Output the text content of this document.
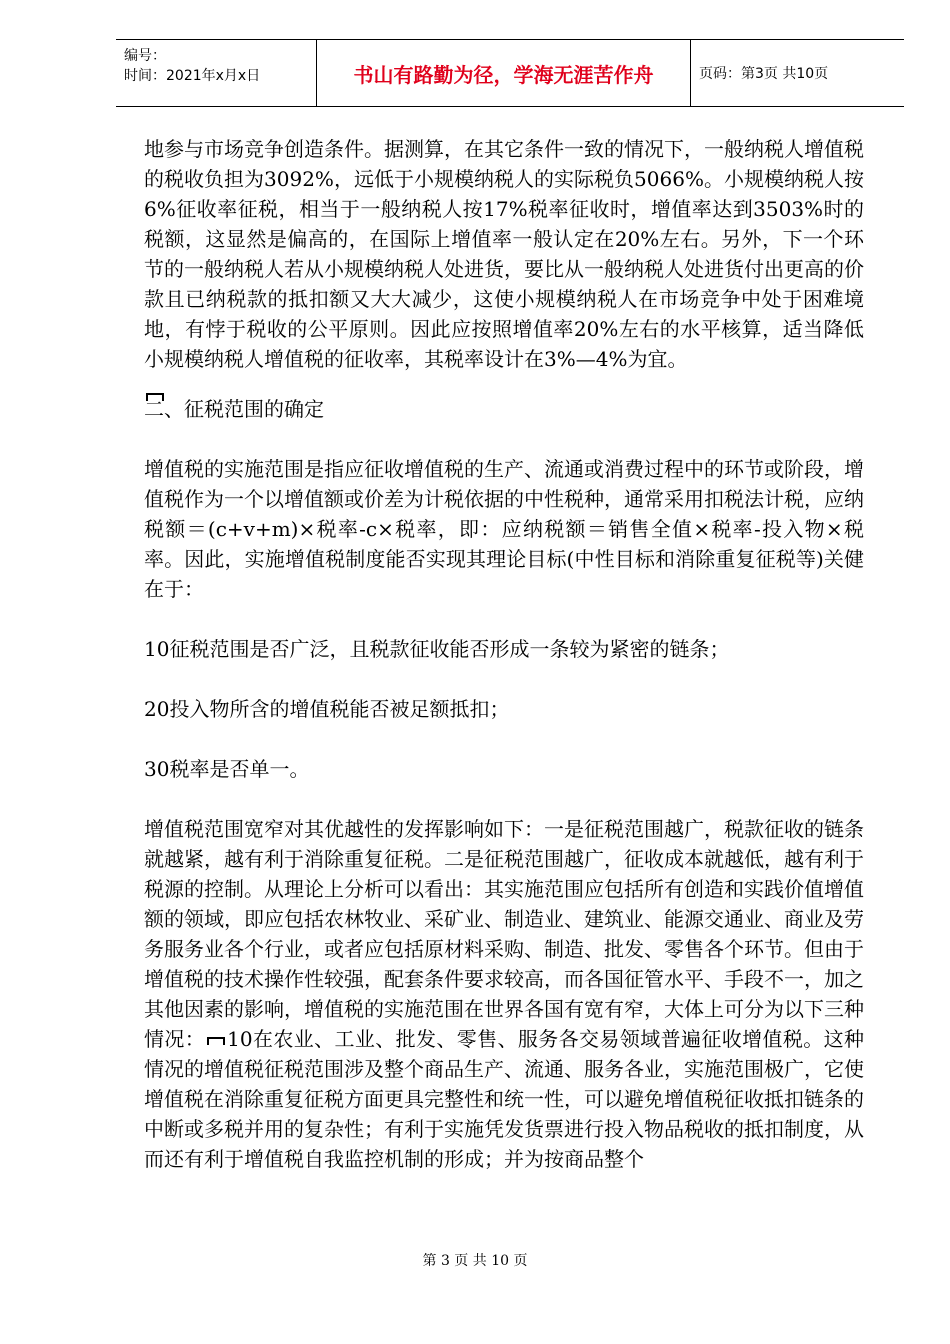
编号：
时间：2021年x月x日	书山有路勤为径，学海无涯苦作舟	页码：第3页 共10页

地参与市场竞争创造条件。据测算，在其它条件一致的情况下，一般纳税人增值税的税收负担为3092%，远低于小规模纳税人的实际税负5066%。小规模纳税人按6%征收率征税，相当于一般纳税人按17%税率征收时，增值率达到3503%时的税额，这显然是偏高的，在国际上增值率一般认定在20%左右。另外，下一个环节的一般纳税人若从小规模纳税人处进货，要比从一般纳税人处进货付出更高的价款且已纳税款的抵扣额又大大减少，这使小规模纳税人在市场竞争中处于困难境地，有悖于税收的公平原则。因此应按照增值率20%左右的水平核算，适当降低小规模纳税人增值税的征收率，其税率设计在3%—4%为宜。

二、征税范围的确定

增值税的实施范围是指应征收增值税的生产、流通或消费过程中的环节或阶段，增值税作为一个以增值额或价差为计税依据的中性税种，通常采用扣税法计税，应纳税额＝(c+v+m)×税率-c×税率，即：应纳税额＝销售全值×税率-投入物×税率。因此，实施增值税制度能否实现其理论目标(中性目标和消除重复征税等)关健在于：

10征税范围是否广泛，且税款征收能否形成一条较为紧密的链条；

20投入物所含的增值税能否被足额抵扣；

30税率是否单一。

增值税范围宽窄对其优越性的发挥影响如下：一是征税范围越广，税款征收的链条就越紧，越有利于消除重复征税。二是征税范围越广，征收成本就越低，越有利于税源的控制。从理论上分析可以看出：其实施范围应包括所有创造和实践价值增值额的领域，即应包括农林牧业、采矿业、制造业、建筑业、能源交通业、商业及劳务服务业各个行业，或者应包括原材料采购、制造、批发、零售各个环节。但由于增值税的技术操作性较强，配套条件要求较高，而各国征管水平、手段不一，加之其他因素的影响，增值税的实施范围在世界各国有宽有窄，大体上可分为以下三种情况： 10在农业、工业、批发、零售、服务各交易领域普遍征收增值税。这种情况的增值税征税范围涉及整个商品生产、流通、服务各业，实施范围极广，它使增值税在消除重复征税方面更具完整性和统一性，可以避免增值税征收抵扣链条的中断或多税并用的复杂性；有利于实施凭发货票进行投入物品税收的抵扣制度，从而还有利于增值税自我监控机制的形成；并为按商品整个

第 3 页 共 10 页
